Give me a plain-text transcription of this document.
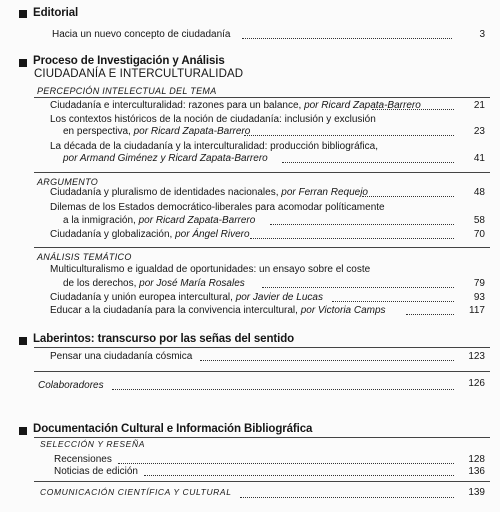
Editorial
Hacia un nuevo concepto de ciudadanía	3
Proceso de Investigación y Análisis
CIUDADANÍA E INTERCULTURALIDAD
PERCEPCIÓN INTELECTUAL DEL TEMA
Ciudadanía e interculturalidad: razones para un balance, por Ricard Zapata-Barrero	21
Los contextos históricos de la noción de ciudadanía: inclusión y exclusión
en perspectiva, por Ricard Zapata-Barrero	23
La década de la ciudadanía y la interculturalidad: producción bibliográfica,
por Armand Giménez y Ricard Zapata-Barrero	41
ARGUMENTO
Ciudadanía y pluralismo de identidades nacionales, por Ferran Requejo	48
Dilemas de los Estados democrático-liberales para acomodar políticamente
a la inmigración, por Ricard Zapata-Barrero	58
Ciudadanía y globalización, por Ángel Rivero	70
ANÁLISIS TEMÁTICO
Multiculturalismo e igualdad de oportunidades: un ensayo sobre el coste
de los derechos, por José María Rosales	79
Ciudadanía y unión europea intercultural, por Javier de Lucas	93
Educar a la ciudadanía para la convivencia intercultural, por Victoria Camps	117
Laberintos: transcurso por las señas del sentido
Pensar una ciudadanía cósmica	123
Colaboradores	126
Documentación Cultural e Información Bibliográfica
SELECCIÓN Y RESEÑA
Recensiones	128
Noticias de edición	136
COMUNICACIÓN CIENTÍFICA Y CULTURAL	139
